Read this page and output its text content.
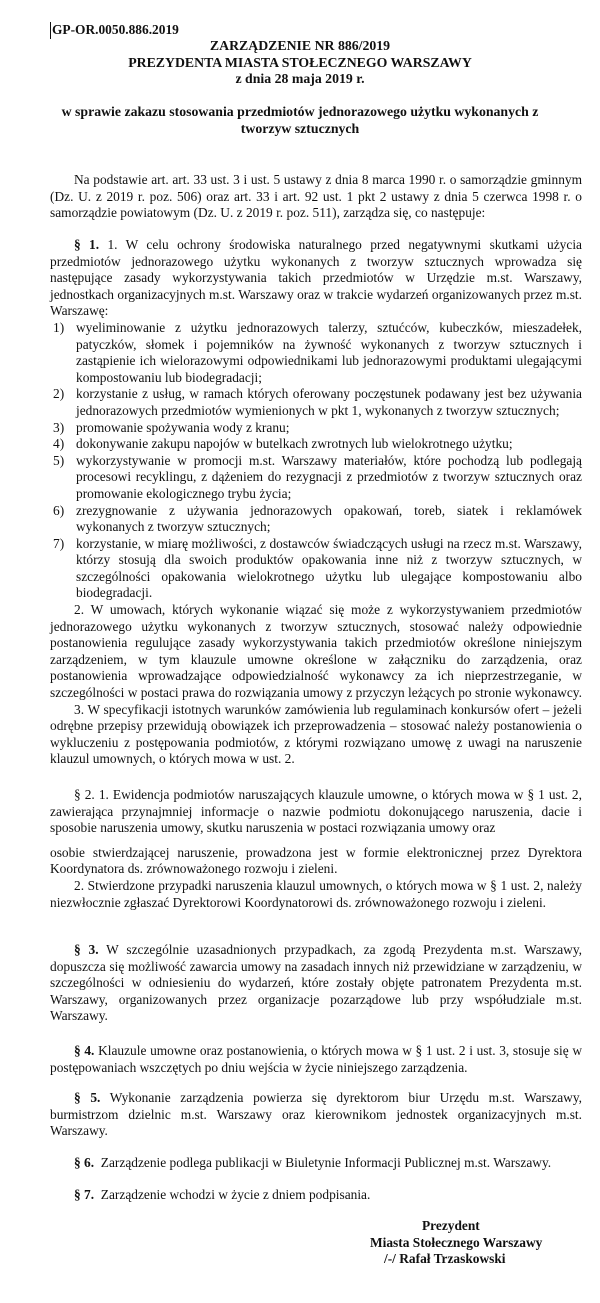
GP-OR.0050.886.2019
ZARZĄDZENIE NR 886/2019
PREZYDENTA MIASTA STOŁECZNEGO WARSZAWY
z dnia 28 maja 2019 r.
w sprawie zakazu stosowania przedmiotów jednorazowego użytku wykonanych z tworzyw sztucznych

Na podstawie art. art. 33 ust. 3 i ust. 5 ustawy z dnia 8 marca 1990 r. o samorządzie gminnym (Dz. U. z 2019 r. poz. 506) oraz art. 33 i art. 92 ust. 1 pkt 2 ustawy z dnia 5 czerwca 1998 r. o samorządzie powiatowym (Dz. U. z 2019 r. poz. 511), zarządza się, co następuje:

§ 1. 1. W celu ochrony środowiska naturalnego przed negatywnymi skutkami użycia przedmiotów jednorazowego użytku wykonanych z tworzyw sztucznych wprowadza się następujące zasady wykorzystywania takich przedmiotów w Urzędzie m.st. Warszawy, jednostkach organizacyjnych m.st. Warszawy oraz w trakcie wydarzeń organizowanych przez m.st. Warszawę:

1) wyeliminowanie z użytku jednorazowych talerzy, sztućców, kubeczków, mieszadełek, patyczków, słomek i pojemników na żywność wykonanych z tworzyw sztucznych i zastąpienie ich wielorazowymi odpowiednikami lub jednorazowymi produktami ulegającymi kompostowaniu lub biodegradacji;
2) korzystanie z usług, w ramach których oferowany poczęstunek podawany jest bez używania jednorazowych przedmiotów wymienionych w pkt 1, wykonanych z tworzyw sztucznych;
3) promowanie spożywania wody z kranu;
4) dokonywanie zakupu napojów w butelkach zwrotnych lub wielokrotnego użytku;
5) wykorzystywanie w promocji m.st. Warszawy materiałów, które pochodzą lub podlegają procesowi recyklingu, z dążeniem do rezygnacji z przedmiotów z tworzyw sztucznych oraz promowanie ekologicznego trybu życia;
6) zrezygnowanie z używania jednorazowych opakowań, toreb, siatek i reklamówek wykonanych z tworzyw sztucznych;
7) korzystanie, w miarę możliwości, z dostawców świadczących usługi na rzecz m.st. Warszawy, którzy stosują dla swoich produktów opakowania inne niż z tworzyw sztucznych, w szczególności opakowania wielokrotnego użytku lub ulegające kompostowaniu albo biodegradacji.

2. W umowach, których wykonanie wiązać się może z wykorzystywaniem przedmiotów jednorazowego użytku wykonanych z tworzyw sztucznych, stosować należy odpowiednie postanowienia regulujące zasady wykorzystywania takich przedmiotów określone niniejszym zarządzeniem, w tym klauzule umowne określone w załączniku do zarządzenia, oraz postanowienia wprowadzające odpowiedzialność wykonawcy za ich nieprzestrzeganie, w szczególności w postaci prawa do rozwiązania umowy z przyczyn leżących po stronie wykonawcy.

3. W specyfikacji istotnych warunków zamówienia lub regulaminach konkursów ofert – jeżeli odrębne przepisy przewidują obowiązek ich przeprowadzenia – stosować należy postanowienia o wykluczeniu z postępowania podmiotów, z którymi rozwiązano umowę z uwagi na naruszenie klauzul umownych, o których mowa w ust. 2.

§ 2. 1. Ewidencja podmiotów naruszających klauzule umowne, o których mowa w § 1 ust. 2, zawierająca przynajmniej informacje o nazwie podmiotu dokonującego naruszenia, dacie i sposobie naruszenia umowy, skutku naruszenia w postaci rozwiązania umowy oraz

osobie stwierdzającej naruszenie, prowadzona jest w formie elektronicznej przez Dyrektora Koordynatora ds. zrównoważonego rozwoju i zieleni.

2. Stwierdzone przypadki naruszenia klauzul umownych, o których mowa w § 1 ust. 2, należy niezwłocznie zgłaszać Dyrektorowi Koordynatorowi ds. zrównoważonego rozwoju i zieleni.

§ 3. W szczególnie uzasadnionych przypadkach, za zgodą Prezydenta m.st. Warszawy, dopuszcza się możliwość zawarcia umowy na zasadach innych niż przewidziane w zarządzeniu, w szczególności w odniesieniu do wydarzeń, które zostały objęte patronatem Prezydenta m.st. Warszawy, organizowanych przez organizacje pozarządowe lub przy współudziale m.st. Warszawy.

§ 4. Klauzule umowne oraz postanowienia, o których mowa w § 1 ust. 2 i ust. 3, stosuje się w postępowaniach wszczętych po dniu wejścia w życie niniejszego zarządzenia.

§ 5. Wykonanie zarządzenia powierza się dyrektorom biur Urzędu m.st. Warszawy, burmistrzom dzielnic m.st. Warszawy oraz kierownikom jednostek organizacyjnych m.st. Warszawy.

§ 6. Zarządzenie podlega publikacji w Biuletynie Informacji Publicznej m.st. Warszawy.

§ 7. Zarządzenie wchodzi w życie z dniem podpisania.

Prezydent
Miasta Stołecznego Warszawy
/-/ Rafał Trzaskowski
